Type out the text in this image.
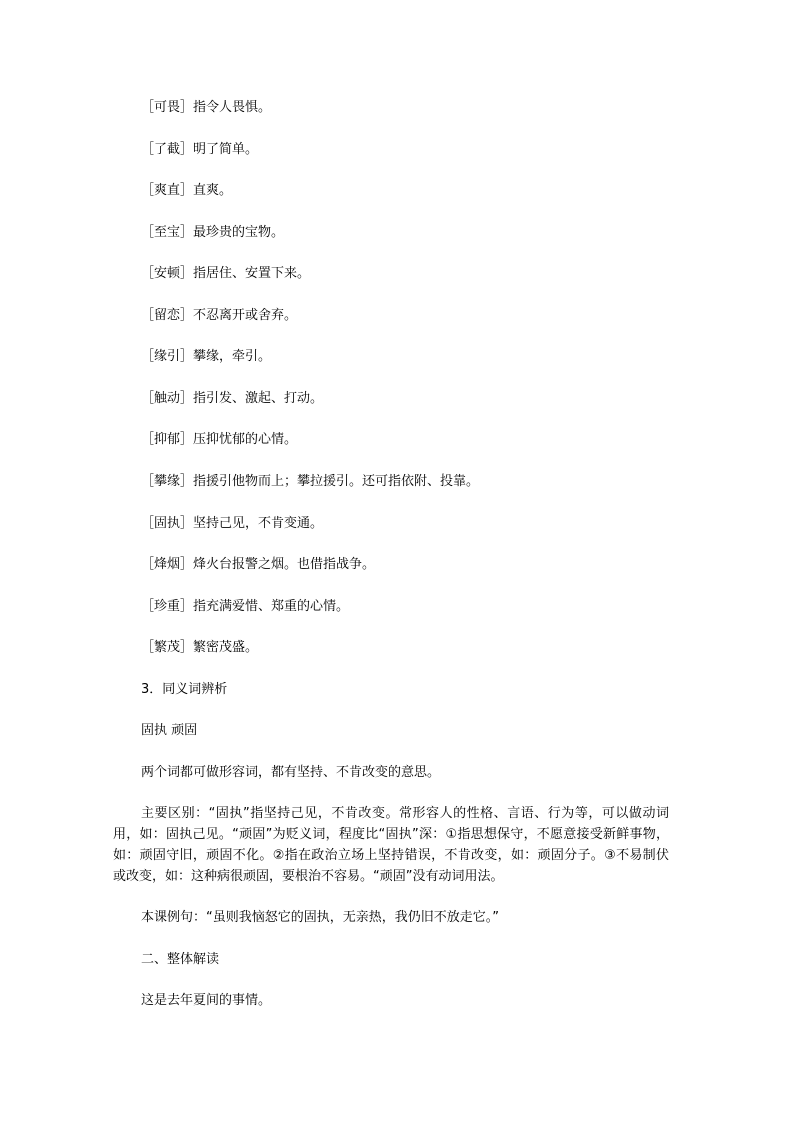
［可畏］指令人畏惧。
［了截］明了简单。
［爽直］直爽。
［至宝］最珍贵的宝物。
［安顿］指居住、安置下来。
［留恋］不忍离开或舍弃。
［缘引］攀缘，牵引。
［触动］指引发、激起、打动。
［抑郁］压抑忧郁的心情。
［攀缘］指援引他物而上；攀拉援引。还可指依附、投靠。
［固执］坚持己见，不肯变通。
［烽烟］烽火台报警之烟。也借指战争。
［珍重］指充满爱惜、郑重的心情。
［繁茂］繁密茂盛。
3．同义词辨析
固执 顽固
两个词都可做形容词，都有坚持、不肯改变的意思。
主要区别：“固执”指坚持己见，不肯改变。常形容人的性格、言语、行为等，可以做动词用，如：固执己见。“顽固”为贬义词，程度比“固执”深：①指思想保守，不愿意接受新鲜事物，如：顽固守旧，顽固不化。②指在政治立场上坚持错误，不肯改变，如：顽固分子。③不易制伏或改变，如：这种病很顽固，要根治不容易。“顽固”没有动词用法。
本课例句：“虽则我恼怒它的固执，无亲热，我仍旧不放走它。”
二、整体解读
这是去年夏间的事情。
